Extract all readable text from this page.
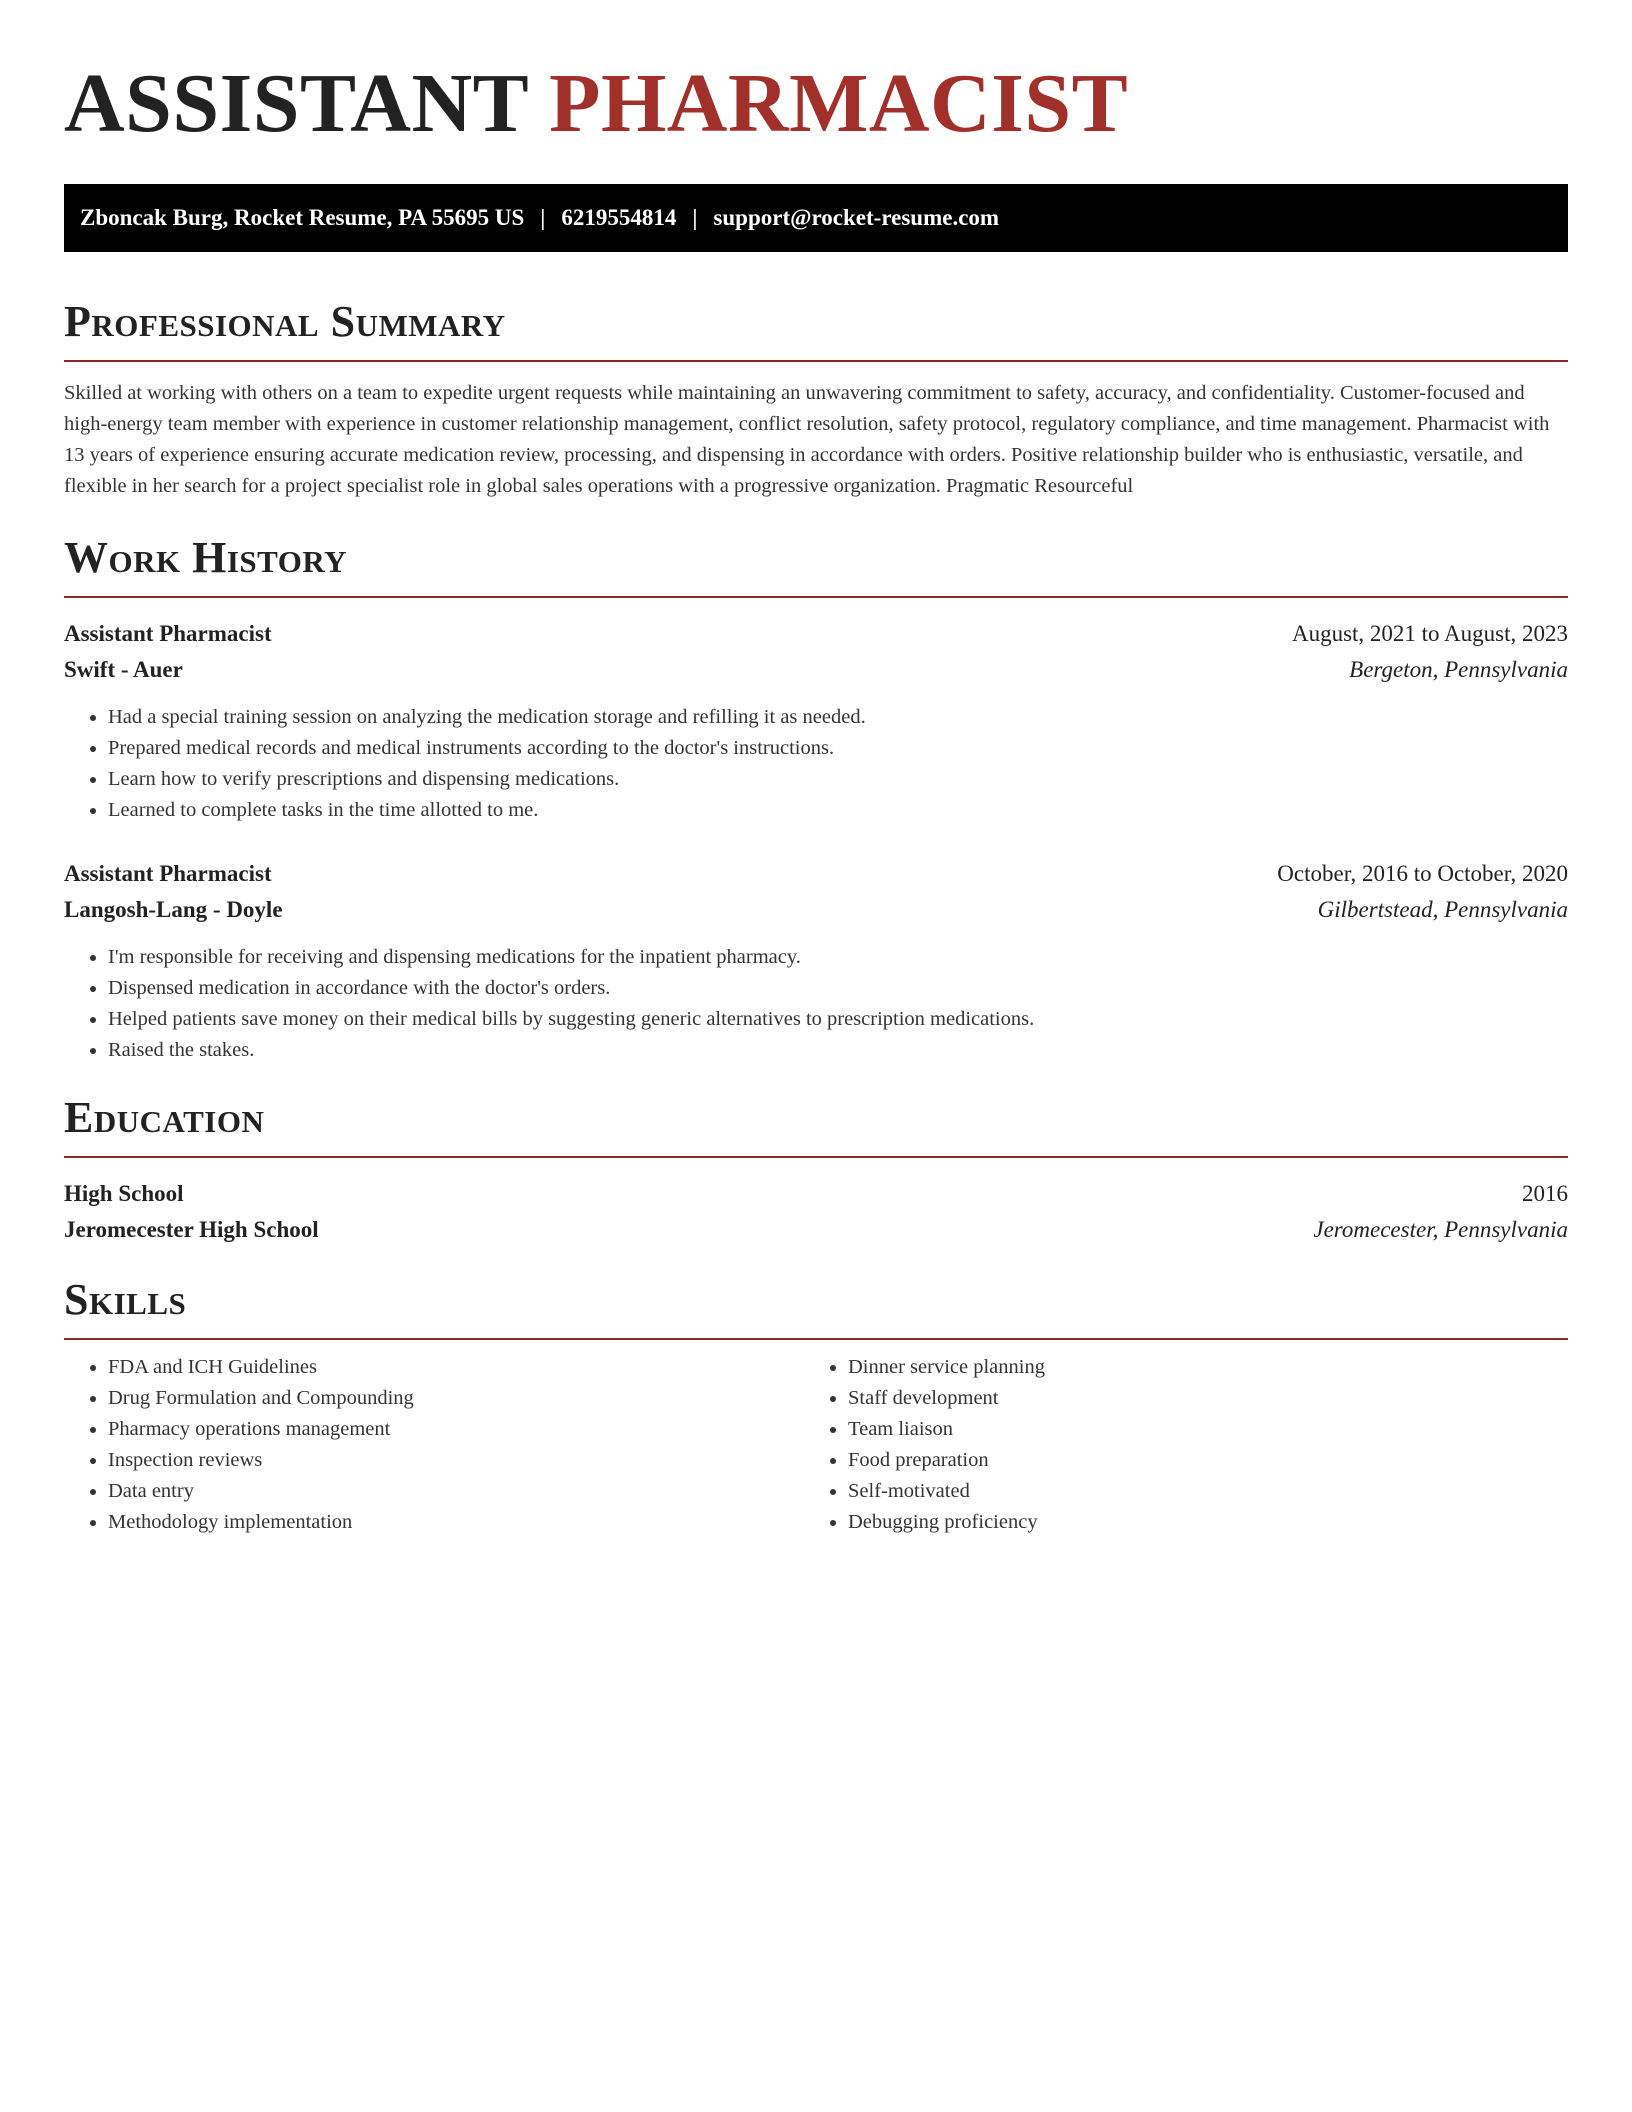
ASSISTANT PHARMACIST
Zboncak Burg, Rocket Resume, PA 55695 US | 6219554814 | support@rocket-resume.com
Professional Summary

Skilled at working with others on a team to expedite urgent requests while maintaining an unwavering commitment to safety, accuracy, and confidentiality. Customer-focused and high-energy team member with experience in customer relationship management, conflict resolution, safety protocol, regulatory compliance, and time management. Pharmacist with 13 years of experience ensuring accurate medication review, processing, and dispensing in accordance with orders. Positive relationship builder who is enthusiastic, versatile, and flexible in her search for a project specialist role in global sales operations with a progressive organization. Pragmatic Resourceful

Work History
Assistant Pharmacist	August, 2021 to August, 2023
Swift - Auer	Bergeton, Pennsylvania
• Had a special training session on analyzing the medication storage and refilling it as needed.
• Prepared medical records and medical instruments according to the doctor's instructions.
• Learn how to verify prescriptions and dispensing medications.
• Learned to complete tasks in the time allotted to me.
Assistant Pharmacist	October, 2016 to October, 2020
Langosh-Lang - Doyle	Gilbertstead, Pennsylvania
• I'm responsible for receiving and dispensing medications for the inpatient pharmacy.
• Dispensed medication in accordance with the doctor's orders.
• Helped patients save money on their medical bills by suggesting generic alternatives to prescription medications.
• Raised the stakes.
Education
High School	2016
Jeromecester High School	Jeromecester, Pennsylvania
Skills
• FDA and ICH Guidelines
• Drug Formulation and Compounding
• Pharmacy operations management
• Inspection reviews
• Data entry
• Methodology implementation
• Dinner service planning
• Staff development
• Team liaison
• Food preparation
• Self-motivated
• Debugging proficiency
